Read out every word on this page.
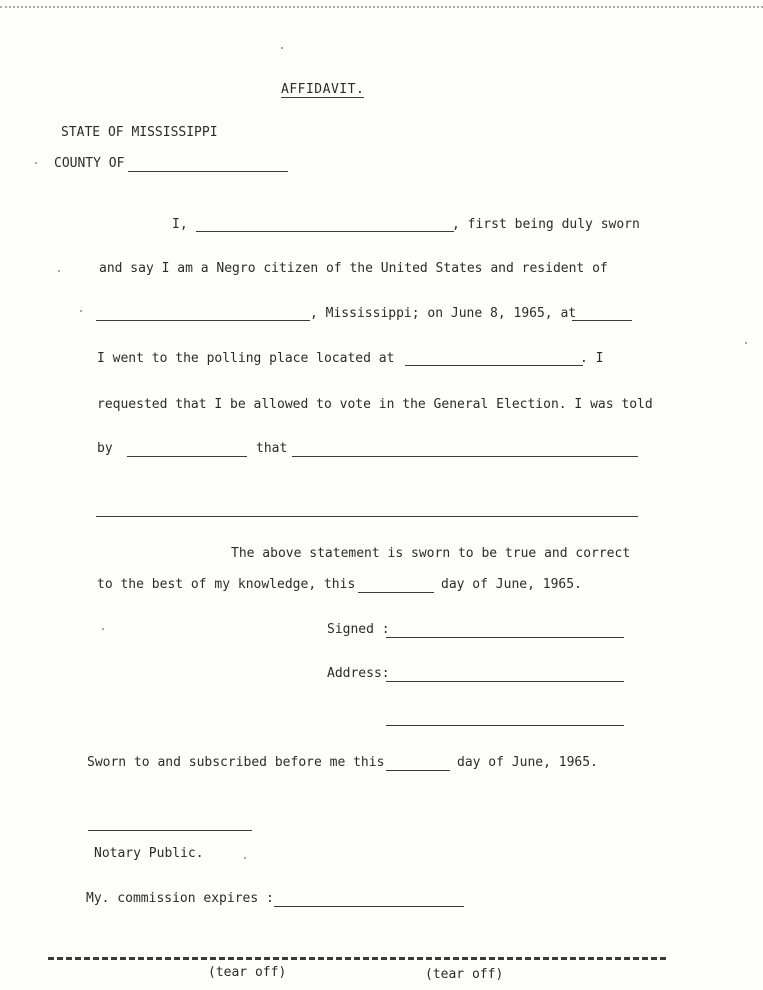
AFFIDAVIT.
STATE OF MISSISSIPPI
COUNTY OF
I,	, first being duly sworn
and say I am a Negro citizen of the United States and resident of
, Mississippi; on June 8, 1965, at
I went to the polling place located at	. I
requested that I be allowed to vote in the General Election. I was told
by	that
The above statement is sworn to be true and correct
to the best of my knowledge, this	day of June, 1965.
Signed :
Address:
Sworn to and subscribed before me this	day of June, 1965.
Notary Public.
My. commission expires :
(tear off)	(tear off)
